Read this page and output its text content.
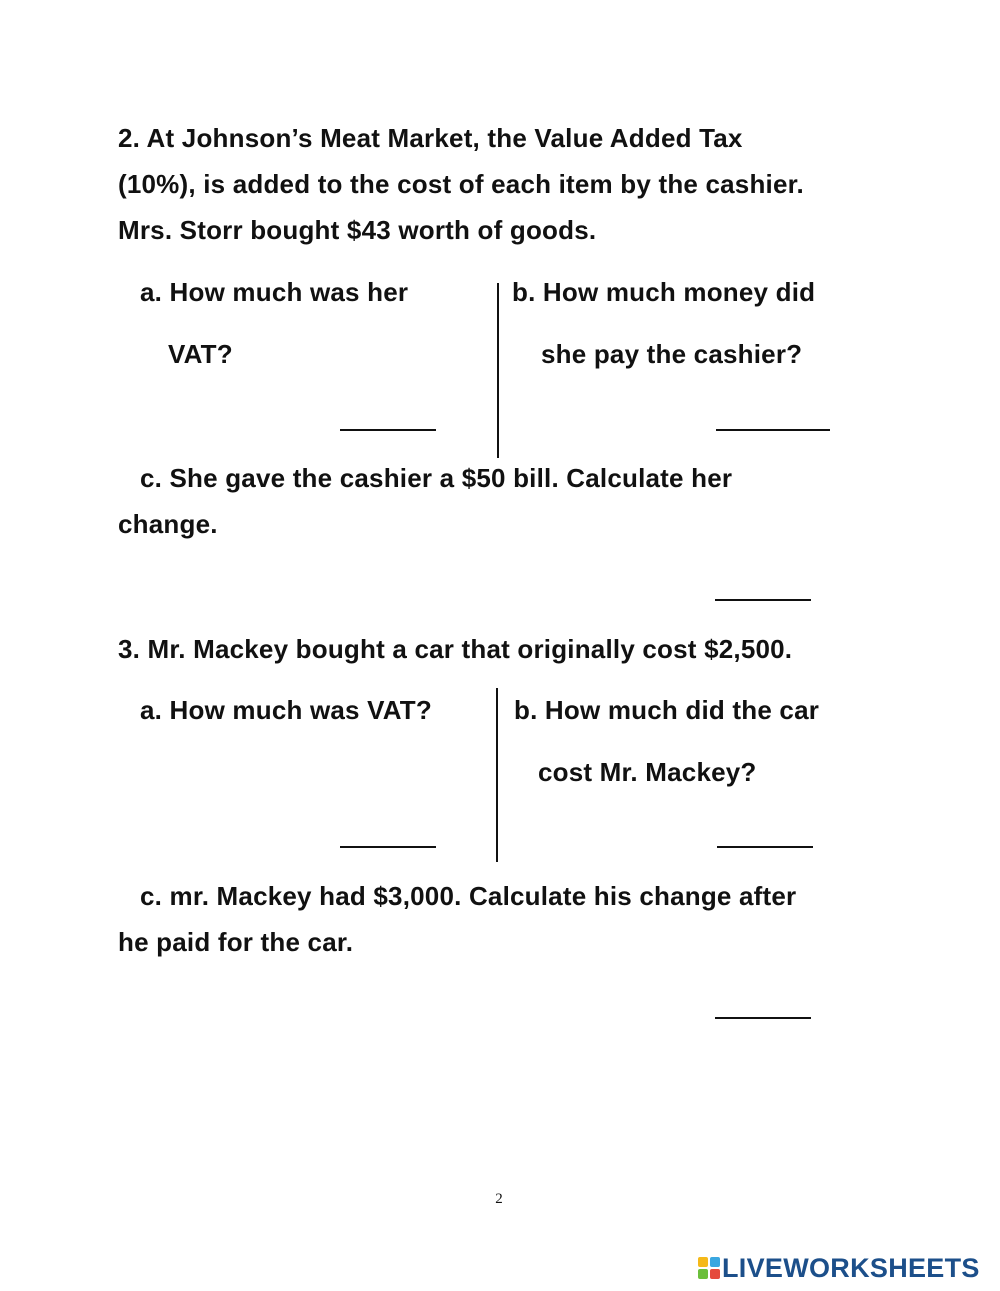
2. At Johnson’s Meat Market, the Value Added Tax

(10%), is added to the cost of each item by the cashier.

Mrs. Storr bought $43 worth of goods.

a. How much was her

VAT?

b. How much money did

she pay the cashier?

c. She gave the cashier a $50 bill. Calculate her

change.

3. Mr. Mackey bought a car that originally cost $2,500.

a. How much was VAT?	b. How much did the car

cost Mr. Mackey?

c. mr. Mackey had $3,000. Calculate his change after

he paid for the car.

2
LIVEWORKSHEETS
